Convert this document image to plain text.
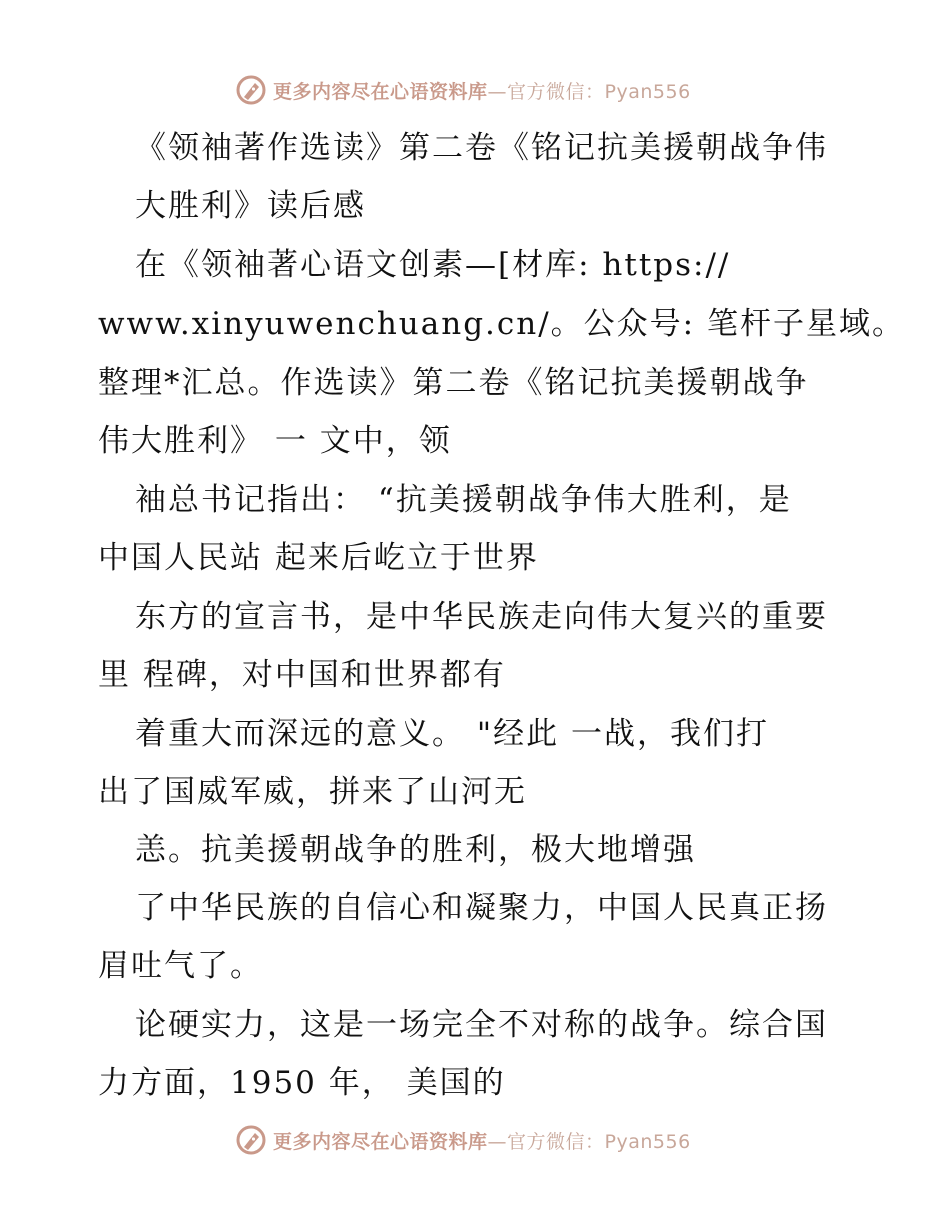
更多内容尽在心语资料库—官方微信：Pyan556
《领袖著作选读》第二卷《铭记抗美援朝战争伟
大胜利》读后感
在《领袖著心语文创素—[材库: https://
www.xinyuwenchuang.cn/。公众号: 笔杆子星域。
整理*汇总。作选读》第二卷《铭记抗美援朝战争
伟大胜利》 一 文中，领
袖总书记指出： “抗美援朝战争伟大胜利，是
中国人民站 起来后屹立于世界
东方的宣言书，是中华民族走向伟大复兴的重要
里 程碑，对中国和世界都有
着重大而深远的意义。 "经此 一战，我们打
出了国威军威，拼来了山河无
恙。抗美援朝战争的胜利，极大地增强
了中华民族的自信心和凝聚力，中国人民真正扬
眉吐气了。
论硬实力，这是一场完全不对称的战争。综合国
力方面，1950 年， 美国的
更多内容尽在心语资料库—官方微信：Pyan556
